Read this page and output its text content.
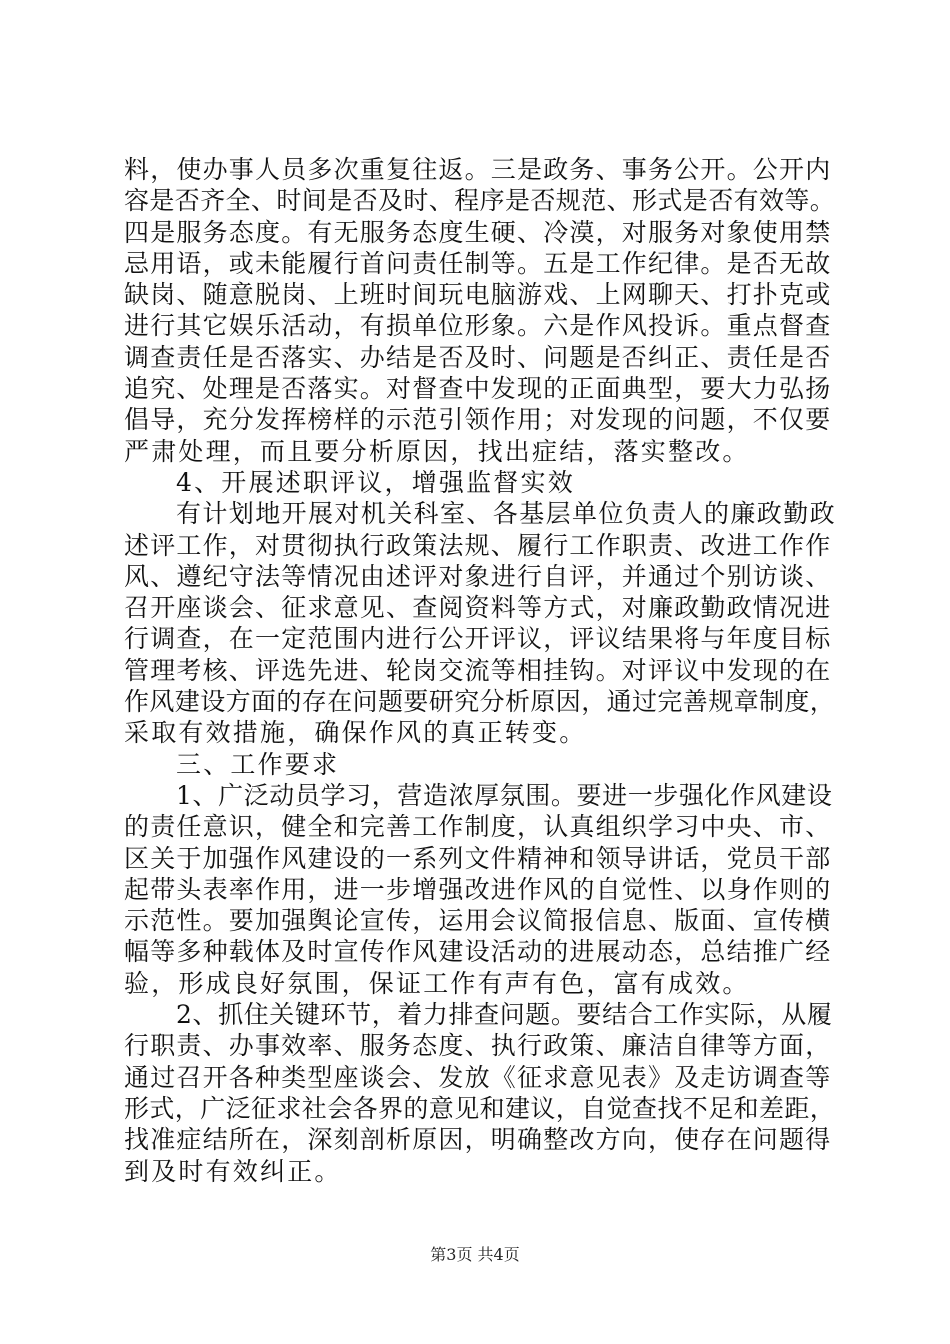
料，使办事人员多次重复往返。三是政务、事务公开。公开内
容是否齐全、时间是否及时、程序是否规范、形式是否有效等。
四是服务态度。有无服务态度生硬、冷漠，对服务对象使用禁
忌用语，或未能履行首问责任制等。五是工作纪律。是否无故
缺岗、随意脱岗、上班时间玩电脑游戏、上网聊天、打扑克或
进行其它娱乐活动，有损单位形象。六是作风投诉。重点督查
调查责任是否落实、办结是否及时、问题是否纠正、责任是否
追究、处理是否落实。对督查中发现的正面典型，要大力弘扬
倡导，充分发挥榜样的示范引领作用；对发现的问题，不仅要
严肃处理，而且要分析原因，找出症结，落实整改。
4、开展述职评议，增强监督实效
有计划地开展对机关科室、各基层单位负责人的廉政勤政
述评工作，对贯彻执行政策法规、履行工作职责、改进工作作
风、遵纪守法等情况由述评对象进行自评，并通过个别访谈、
召开座谈会、征求意见、查阅资料等方式，对廉政勤政情况进
行调查，在一定范围内进行公开评议，评议结果将与年度目标
管理考核、评选先进、轮岗交流等相挂钩。对评议中发现的在
作风建设方面的存在问题要研究分析原因，通过完善规章制度，
采取有效措施，确保作风的真正转变。
三、工作要求
1、广泛动员学习，营造浓厚氛围。要进一步强化作风建设
的责任意识，健全和完善工作制度，认真组织学习中央、市、
区关于加强作风建设的一系列文件精神和领导讲话，党员干部
起带头表率作用，进一步增强改进作风的自觉性、以身作则的
示范性。要加强舆论宣传，运用会议简报信息、版面、宣传横
幅等多种载体及时宣传作风建设活动的进展动态，总结推广经
验，形成良好氛围，保证工作有声有色，富有成效。
2、抓住关键环节，着力排查问题。要结合工作实际，从履
行职责、办事效率、服务态度、执行政策、廉洁自律等方面，
通过召开各种类型座谈会、发放《征求意见表》及走访调查等
形式，广泛征求社会各界的意见和建议，自觉查找不足和差距，
找准症结所在，深刻剖析原因，明确整改方向，使存在问题得
到及时有效纠正。
第3页 共4页
